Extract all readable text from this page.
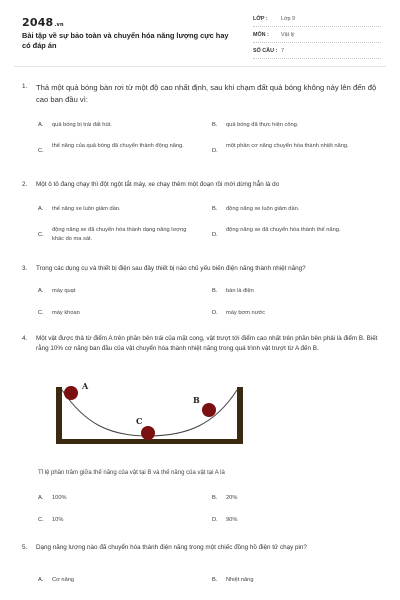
2048.vn
Bài tập về sự bảo toàn và chuyển hóa năng lượng cực hay có đáp án
LỚP : Lớp 9
MÔN : Vật lý
SỐ CÂU : 7
1. Thả một quả bóng bàn rơi từ một độ cao nhất định, sau khi chạm đất quả bóng không nảy lên đến độ cao ban đầu vì:
A. quả bóng bị trái đất hút.	B. quả bóng đã thực hiện công.
C.
thế năng của quả bóng đã chuyển thành động năng.
D.
một phần cơ năng chuyển hóa thành nhiệt năng.
2. Một ô tô đang chạy thì đột ngột tắt máy, xe chạy thêm một đoạn rồi mới dừng hẳn là do
A. thế năng xe luôn giảm dần.	B. động năng xe luôn giảm dần.
C.
động năng xe đã chuyển hóa thành dạng năng lượng khác do ma sát.
D.
động năng xe đã chuyển hóa thành thế năng.
3. Trong các dụng cụ và thiết bị điện sau đây thiết bị nào chủ yếu biến điện năng thành nhiệt năng?
A. máy quạt	B. bàn là điện
C. máy khoan	D. máy bơm nước
4. Một vật được thả từ điểm A trên phần bên trái của mặt cong, vật trượt tới điểm cao nhất trên phần bên phải là điểm B. Biết rằng 10% cơ năng ban đầu của vật chuyển hóa thành nhiệt năng trong quá trình vật trượt từ A đến B.
A
B
C
Tỉ lệ phần trăm giữa thế năng của vật tại B và thế năng của vật tại A là
A. 100%	B. 20%
C. 10%	D. 90%
5. Dạng năng lượng nào đã chuyển hóa thành điện năng trong một chiếc đồng hồ điện tử chạy pin?
A. Cơ năng	B. Nhiệt năng
